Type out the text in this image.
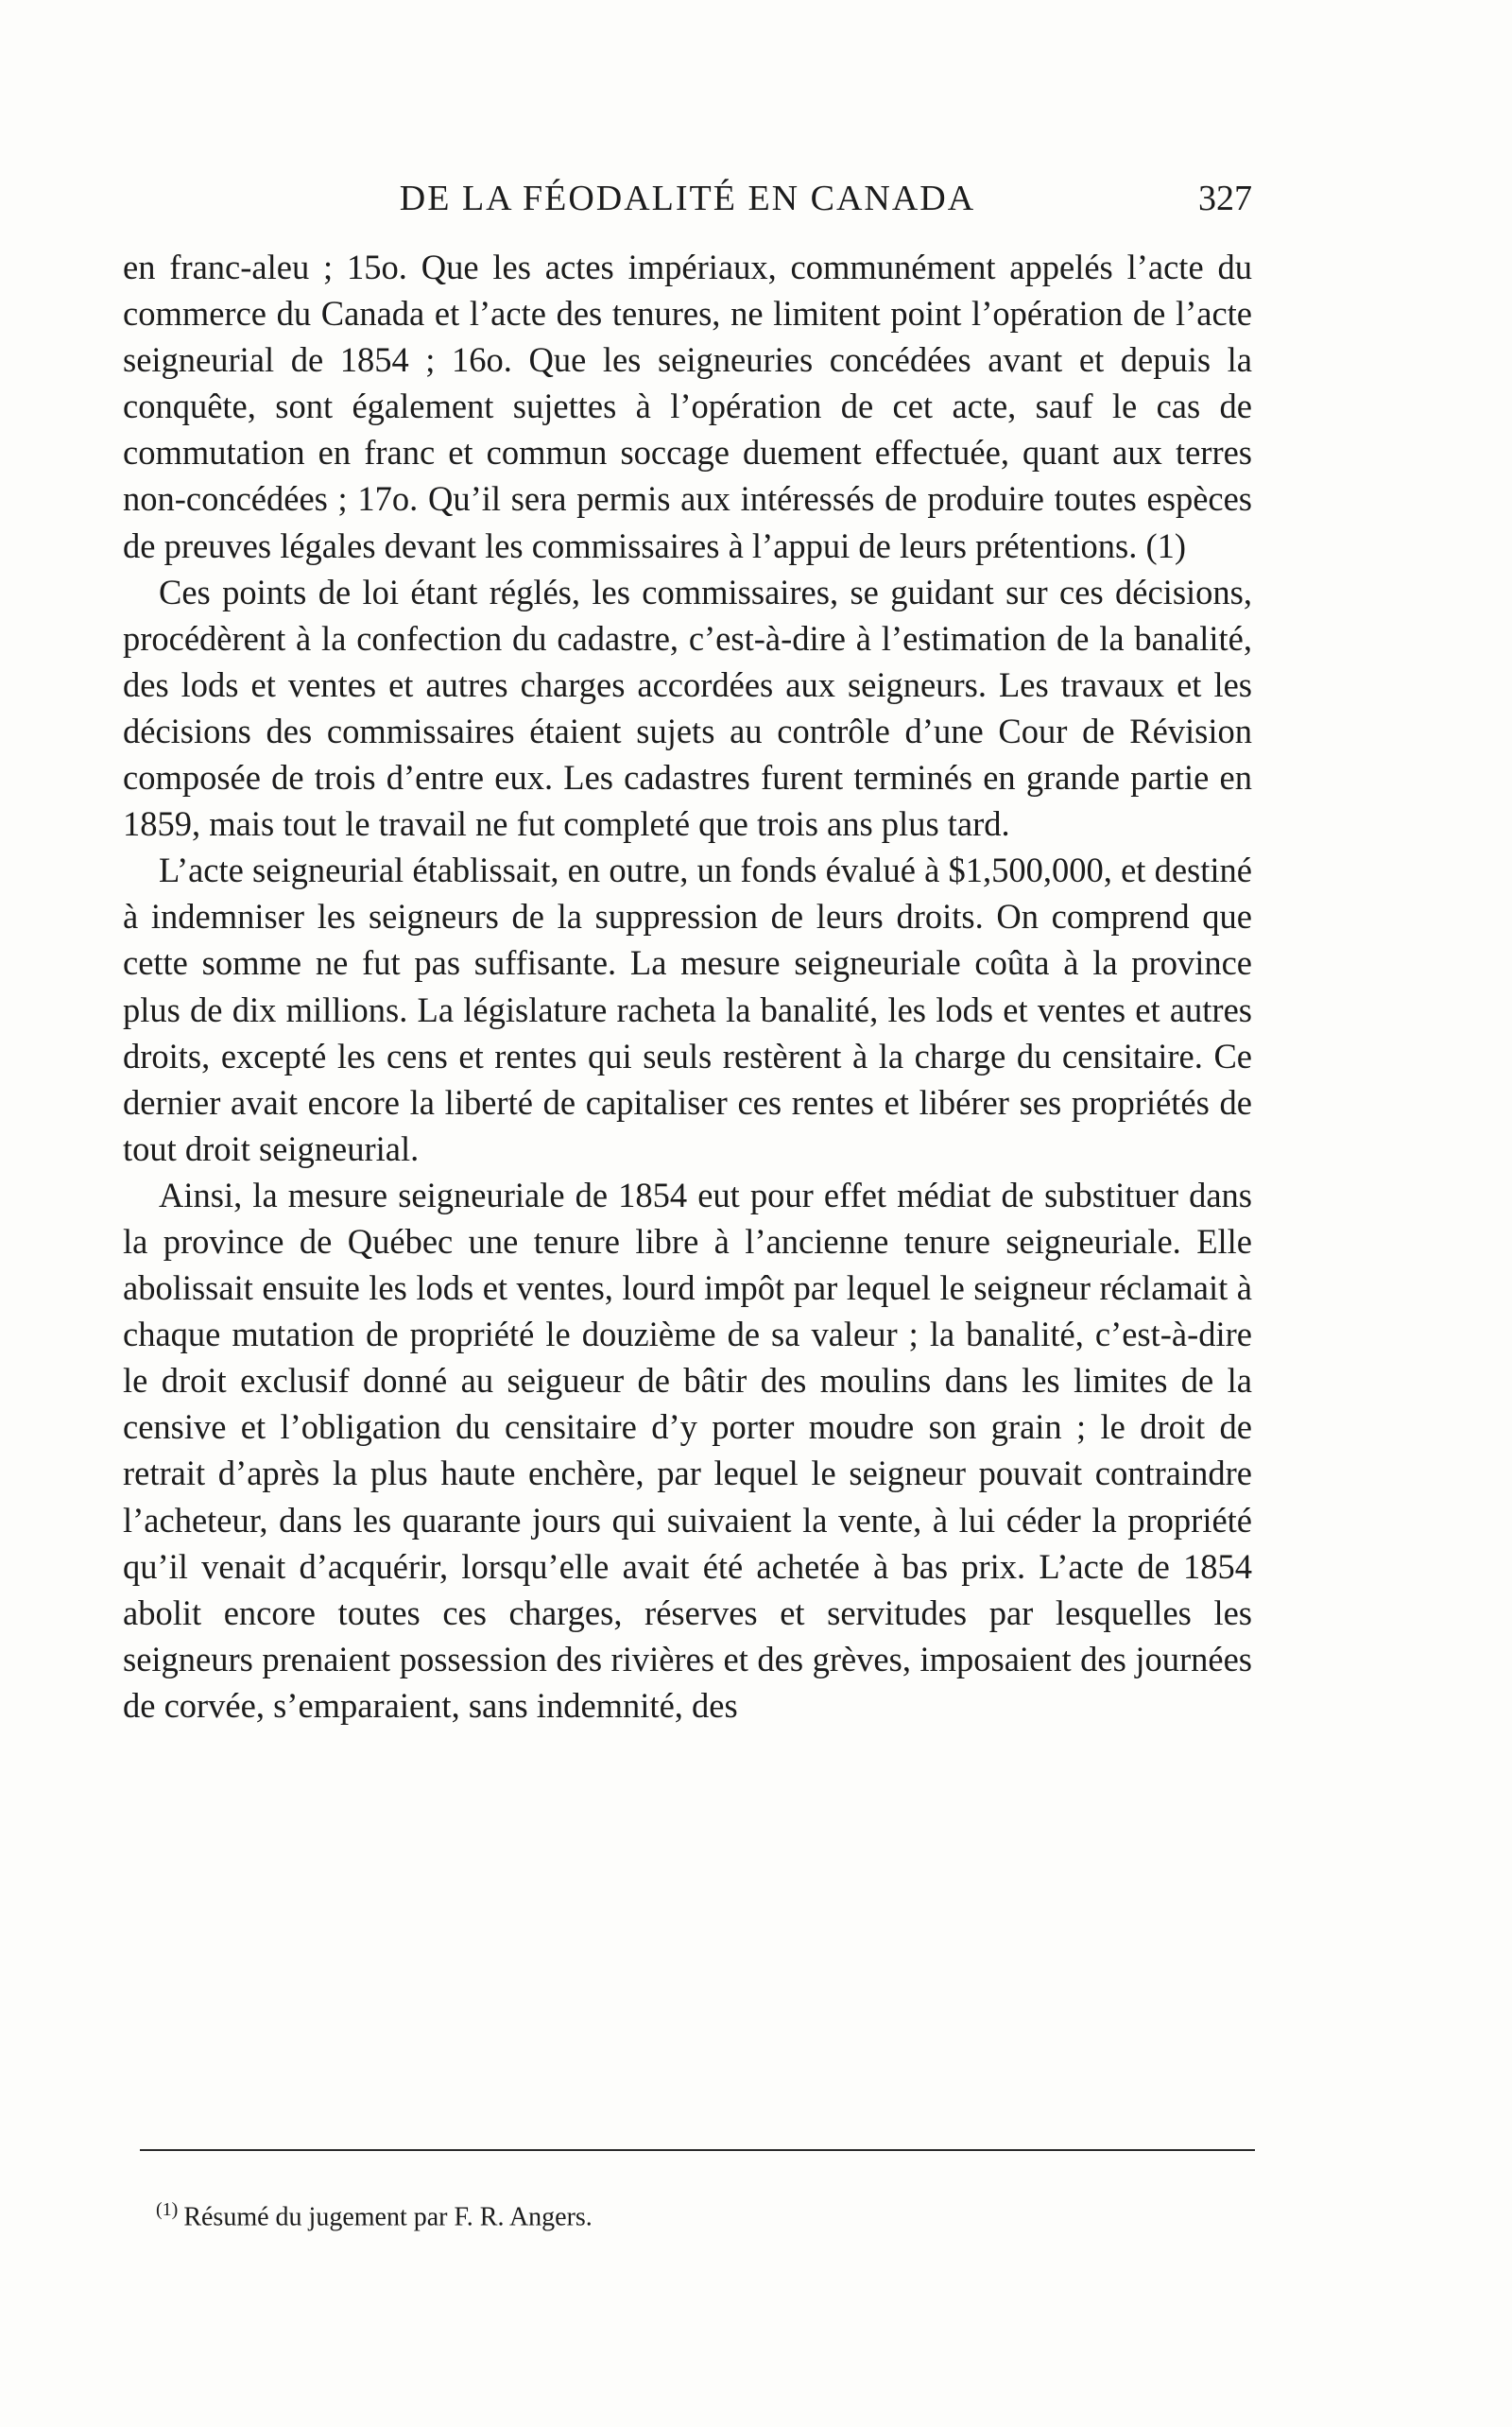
DE LA FÉODALITÉ EN CANADA	327

en franc-aleu ; 15o. Que les actes impériaux, communément appelés l’acte du commerce du Canada et l’acte des tenures, ne limitent point l’opération de l’acte seigneurial de 1854 ; 16o. Que les seigneuries concédées avant et depuis la conquête, sont également sujettes à l’opération de cet acte, sauf le cas de commutation en franc et commun soccage duement effectuée, quant aux terres non-concédées ; 17o. Qu’il sera permis aux intéressés de produire toutes espèces de preuves légales devant les commissaires à l’appui de leurs prétentions. (1)

Ces points de loi étant réglés, les commissaires, se guidant sur ces décisions, procédèrent à la confection du cadastre, c’est-à-dire à l’estimation de la banalité, des lods et ventes et autres charges accordées aux seigneurs. Les travaux et les décisions des commissaires étaient sujets au contrôle d’une Cour de Révision composée de trois d’entre eux. Les cadastres furent terminés en grande partie en 1859, mais tout le travail ne fut completé que trois ans plus tard.

L’acte seigneurial établissait, en outre, un fonds évalué à $1,500,000, et destiné à indemniser les seigneurs de la suppression de leurs droits. On comprend que cette somme ne fut pas suffisante. La mesure seigneuriale coûta à la province plus de dix millions. La législature racheta la banalité, les lods et ventes et autres droits, excepté les cens et rentes qui seuls restèrent à la charge du censitaire. Ce dernier avait encore la liberté de capitaliser ces rentes et libérer ses propriétés de tout droit seigneurial.

Ainsi, la mesure seigneuriale de 1854 eut pour effet médiat de substituer dans la province de Québec une tenure libre à l’ancienne tenure seigneuriale. Elle abolissait ensuite les lods et ventes, lourd impôt par lequel le seigneur réclamait à chaque mutation de propriété le douzième de sa valeur ; la banalité, c’est-à-dire le droit exclusif donné au seigueur de bâtir des moulins dans les limites de la censive et l’obligation du censitaire d’y porter moudre son grain ; le droit de retrait d’après la plus haute enchère, par lequel le seigneur pouvait contraindre l’acheteur, dans les quarante jours qui suivaient la vente, à lui céder la propriété qu’il venait d’acquérir, lorsqu’elle avait été achetée à bas prix. L’acte de 1854 abolit encore toutes ces charges, réserves et servitudes par lesquelles les seigneurs prenaient possession des rivières et des grèves, imposaient des journées de corvée, s’emparaient, sans indemnité, des

$^{(1)}$ Résumé du jugement par F. R. Angers.
